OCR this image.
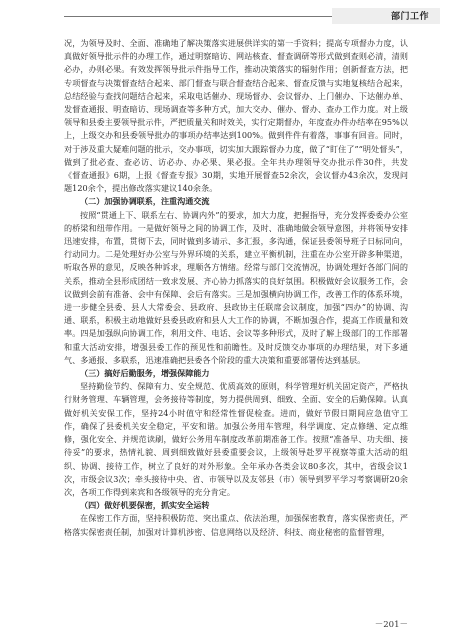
部门工作

况，为领导及时、全面、准确地了解决策落实进展供详实的第一手资料；提高专项督办力度，认真做好领导批示件的办理工作，通过明察暗访、网站核查、督查调研等形式做到查则必清，清则必办，办则必果。有效发挥领导批示件指导工作，推动决策落实的辐射作用；创新督查方法，把专项督查与决策督查结合起来、部门督查与联合督查结合起来、督查反馈与实地复核结合起来，总结经验与查找问题结合起来，采取电话催办、现场督办、会议督办、上门催办、下达催办单、发督查通报、明查暗访、现场调查等多种方式，加大交办、催办、督办、查办工作力度。对上级领导和县委主要领导批示件，严把质量关和时效关，实行定期督办，年度查办件办结率在95%以上，上级交办和县委领导批办的事项办结率达到100%。做到件件有着落，事事有回音。同时，对于涉及重大疑难问题的批示，交办事项，切实加大跟踪督办力度，做了“盯住了”“明处督头”，做到了批必查、查必访、访必办、办必果、果必报。全年共办理领导交办批示件30件，共发《督查通报》6期，上报《督查专报》30期，实地开展督查52余次，会议督办43余次，发现问题120余个，提出修改落实建议140余条。

（二）加强协调联系，注重沟通交流

按照“贯通上下、联系左右、协调内外”的要求，加大力度，把握指导，充分发挥委委办公室的桥梁和纽带作用。一是做好领导之间的协调工作，及时、准确地做会领导意图，并将领导安排迅速安排，布置，贯彻下去，同时做到多请示、多汇报，多沟通，保证县委领导班子日标同向，行动同力。二是处理好办公室与外界环境的关系，建立平衡机制，注重在办公室开辟多种渠道，听取各界的意见，反映各种诉求，理顺各方情绪。经常与部门交流情况，协调处理好各部门间的关系，推动全县形成团结一致求发展、齐心协力抓落实的良好氛围。积极做好会议服务工作，会议做到会前有准备、会中有保障、会后有落实。三是加强横向协调工作，改善工作的体系环境，进一步健全县委、县人大常委会、县政府、县政协主任联席会议制度，加强“四办”的协调、沟通、联系，积极主动地做好县委县政府和县人大工作的协调，不断加强合作，提高工作质量和效率。四是加强纵向协调工作，利用文件、电话、会议等多种形式，及时了解上级部门的工作部署和重大活动安排，增强县委工作的预见性和前瞻性。及时反馈交办事项的办理结果，对下多通气、多通报、多联系，迅速准确把县委各个阶段的重大决策和重要部署传达到基层。

（三）搞好后勤服务，增强保障能力

坚持勤俭节约、保障有力、安全规范、优质高效的原则，科学管理好机关固定资产，严格执行财务管理、车辆管理，会务接待等制度，努力提供周到、细致、全面、安全的后勤保障。认真做好机关安保工作，坚持24小时值守和经常性督促检查。进而，做好节假日期间应急值守工作，确保了县委机关安全稳定，平安和谐。加强公务用车管理，科学调度、定点修缮、定点维修，强化安全、并规范读刷，做好公务用车制度改革前期准备工作。按照“准备早、功夫细、接待妥”的要求，热情礼貌、周到细致做好县委重要会议，上级领导赴罗平视察等重大活动的组织、协调、接待工作，树立了良好的对外形象。全年承办各类会议80多次，其中，省级会议1次，市级会议3次；牵头接待中央、省、市领导以及友邻县（市）领导到罗平学习考察调研20余次，各项工作得到来宾和各级领导的充分肯定。

（四）做好机要保密，抓实安全运转

在保密工作方面，坚持积极防范、突出重点、依法治理，加强保密教育，落实保密责任，严格落实保密责任制，加强对计算机涉密、信息网络以及经济、科技、商业秘密的监督管理，

－201－
